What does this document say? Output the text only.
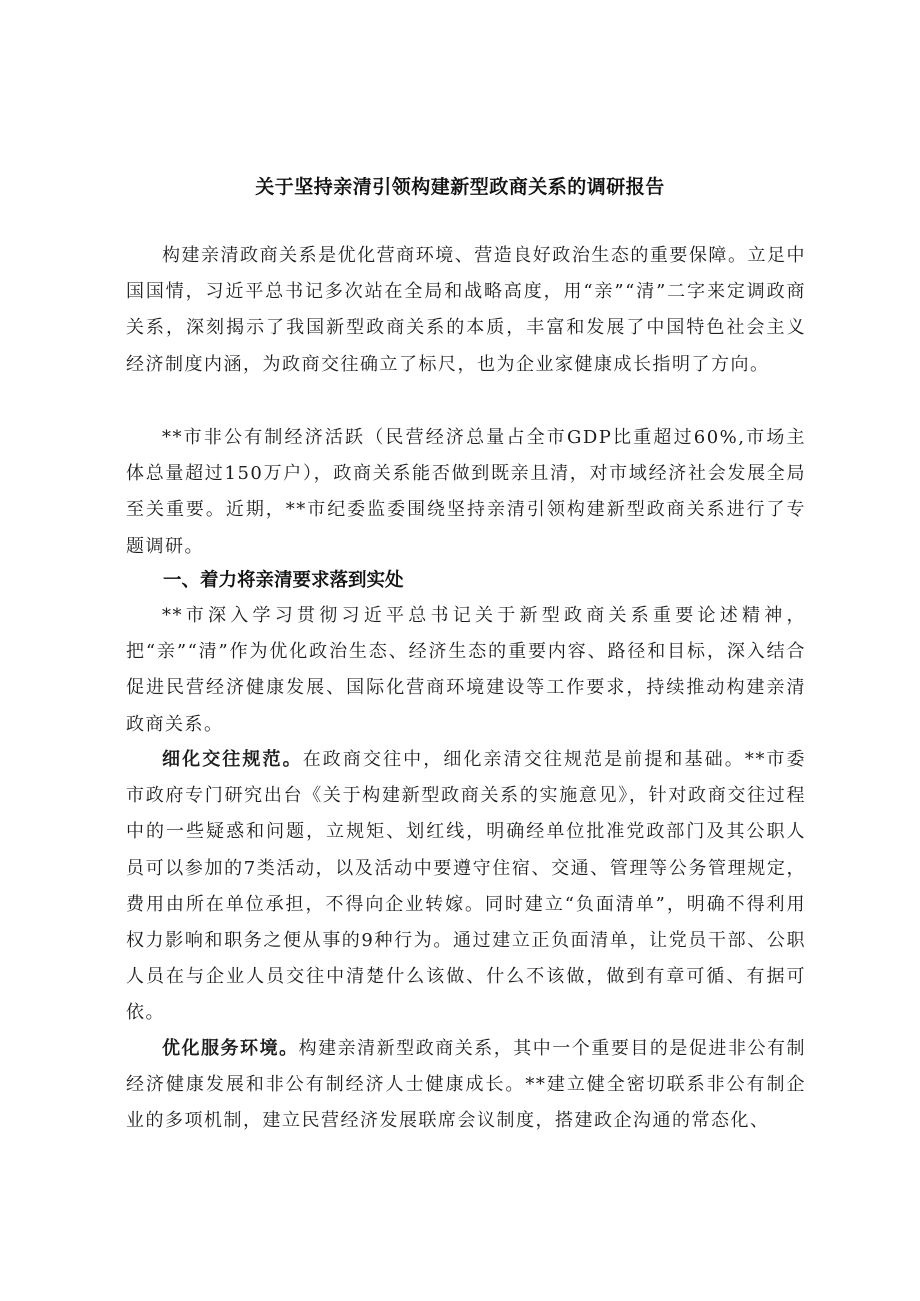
关于坚持亲清引领构建新型政商关系的调研报告

构建亲清政商关系是优化营商环境、营造良好政治生态的重要保障。立足中国国情，习近平总书记多次站在全局和战略高度，用“亲”“清”二字来定调政商关系，深刻揭示了我国新型政商关系的本质，丰富和发展了中国特色社会主义经济制度内涵，为政商交往确立了标尺，也为企业家健康成长指明了方向。

**市非公有制经济活跃（民营经济总量占全市GDP比重超过60%,市场主体总量超过150万户），政商关系能否做到既亲且清，对市域经济社会发展全局至关重要。近期，**市纪委监委围绕坚持亲清引领构建新型政商关系进行了专题调研。

一、着力将亲清要求落到实处

**市深入学习贯彻习近平总书记关于新型政商关系重要论述精神，把“亲”“清”作为优化政治生态、经济生态的重要内容、路径和目标，深入结合促进民营经济健康发展、国际化营商环境建设等工作要求，持续推动构建亲清政商关系。

细化交往规范。在政商交往中，细化亲清交往规范是前提和基础。**市委市政府专门研究出台《关于构建新型政商关系的实施意见》，针对政商交往过程中的一些疑惑和问题，立规矩、划红线，明确经单位批准党政部门及其公职人员可以参加的7类活动，以及活动中要遵守住宿、交通、管理等公务管理规定，费用由所在单位承担，不得向企业转嫁。同时建立“负面清单”，明确不得利用权力影响和职务之便从事的9种行为。通过建立正负面清单，让党员干部、公职人员在与企业人员交往中清楚什么该做、什么不该做，做到有章可循、有据可依。

优化服务环境。构建亲清新型政商关系，其中一个重要目的是促进非公有制经济健康发展和非公有制经济人士健康成长。**建立健全密切联系非公有制企业的多项机制，建立民营经济发展联席会议制度，搭建政企沟通的常态化、
